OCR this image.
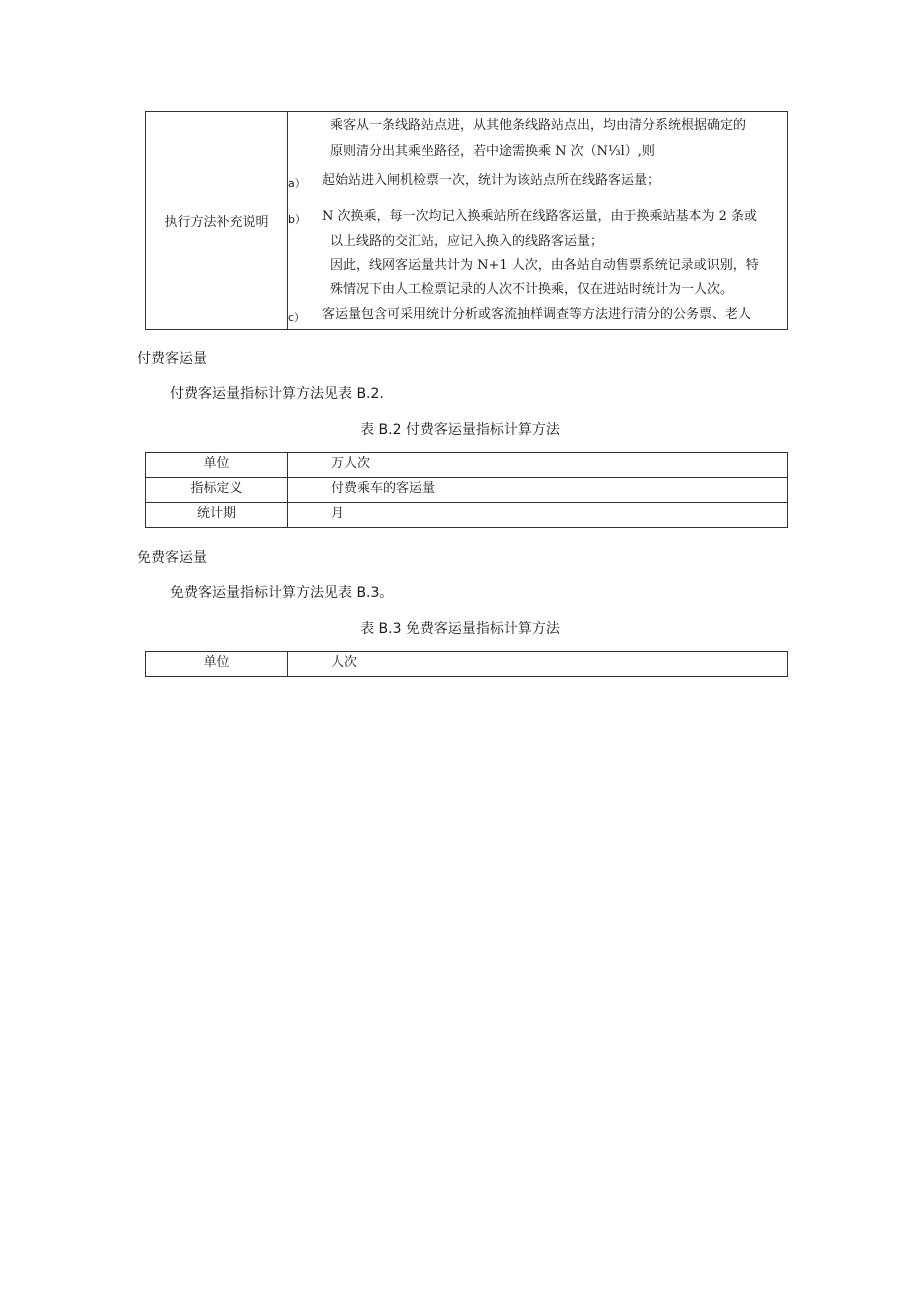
执行方法补充说明	
乘客从一条线路站点进，从其他条线路站点出，均由清分系统根据确定的
原则清分出其乘坐路径，若中途需换乘 N 次（N⅓l）,则
a） 起始站进入闸机检票一次，统计为该站点所在线路客运量；
b） N 次换乘，每一次均记入换乘站所在线路客运量，由于换乘站基本为 2 条或
以上线路的交汇站，应记入换入的线路客运量；
因此，线网客运量共计为 N+1 人次，由各站自动售票系统记录或识别，特
殊情况下由人工检票记录的人次不计换乘，仅在进站时统计为一人次。
c） 客运量包含可采用统计分析或客流抽样调查等方法进行清分的公务票、老人
付费客运量
付费客运量指标计算方法见表 B.2.
表 B.2 付费客运量指标计算方法
单位	万人次
指标定义	付费乘车的客运量
统计期	月
免费客运量
免费客运量指标计算方法见表 B.3。
表 B.3 免费客运量指标计算方法
单位	人次
